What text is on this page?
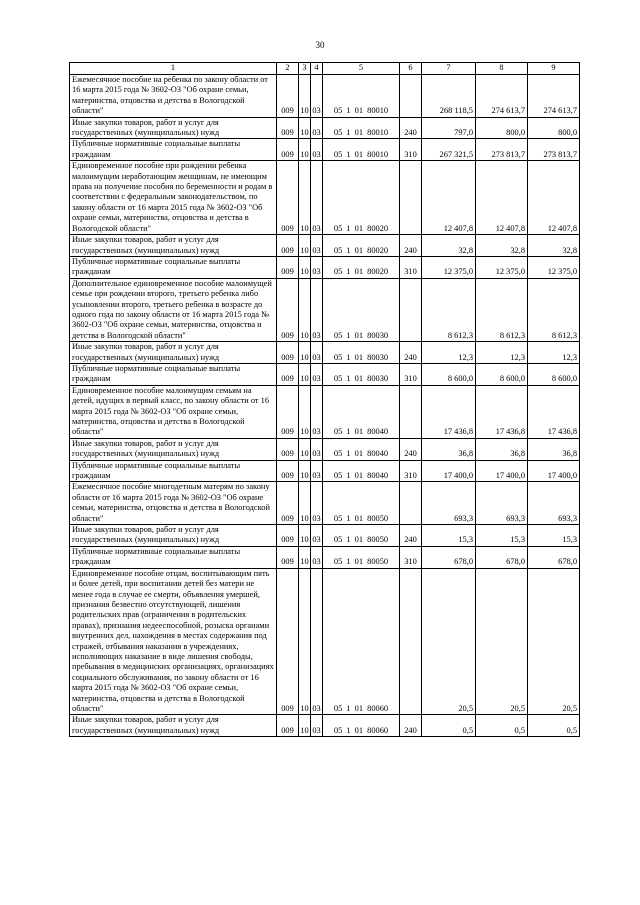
30
1	2	3	4	5	6	7	8	9
Ежемесячное пособие на ребенка по закону области от 16 марта 2015 года № 3602-ОЗ "Об охране семьи, материнства, отцовства и детства в Вологодской области"	009	10	03	05 1 01 80010		268 118,5	274 613,7	274 613,7
Иные закупки товаров, работ и услуг для государственных (муниципальных) нужд	009	10	03	05 1 01 80010	240	797,0	800,0	800,0
Публичные нормативные социальные выплаты гражданам	009	10	03	05 1 01 80010	310	267 321,5	273 813,7	273 813,7
Единовременное пособие при рождении ребенка малоимущим неработающим женщинам, не имеющим права на получение пособия по беременности и родам в соответствии с федеральным законодательством, по закону области от 16 марта 2015 года № 3602-ОЗ "Об охране семьи, материнства, отцовства и детства в Вологодской области"	009	10	03	05 1 01 80020		12 407,8	12 407,8	12 407,8
Иные закупки товаров, работ и услуг для государственных (муниципальных) нужд	009	10	03	05 1 01 80020	240	32,8	32,8	32,8
Публичные нормативные социальные выплаты гражданам	009	10	03	05 1 01 80020	310	12 375,0	12 375,0	12 375,0
Дополнительное единовременное пособие малоимущей семье при рождении второго, третьего ребенка либо усыновлении второго, третьего ребенка в возрасте до одного года по закону области от 16 марта 2015 года № 3602-ОЗ "Об охране семьи, материнства, отцовства и детства в Вологодской области"	009	10	03	05 1 01 80030		8 612,3	8 612,3	8 612,3
Иные закупки товаров, работ и услуг для государственных (муниципальных) нужд	009	10	03	05 1 01 80030	240	12,3	12,3	12,3
Публичные нормативные социальные выплаты гражданам	009	10	03	05 1 01 80030	310	8 600,0	8 600,0	8 600,0
Единовременное пособие малоимущим семьям на детей, идущих в первый класс, по закону области от 16 марта 2015 года № 3602-ОЗ "Об охране семьи, материнства, отцовства и детства в Вологодской области"	009	10	03	05 1 01 80040		17 436,8	17 436,8	17 436,8
Иные закупки товаров, работ и услуг для государственных (муниципальных) нужд	009	10	03	05 1 01 80040	240	36,8	36,8	36,8
Публичные нормативные социальные выплаты гражданам	009	10	03	05 1 01 80040	310	17 400,0	17 400,0	17 400,0
Ежемесячное пособие многодетным матерям по закону области от 16 марта 2015 года № 3602-ОЗ "Об охране семьи, материнства, отцовства и детства в Вологодской области"	009	10	03	05 1 01 80050		693,3	693,3	693,3
Иные закупки товаров, работ и услуг для государственных (муниципальных) нужд	009	10	03	05 1 01 80050	240	15,3	15,3	15,3
Публичные нормативные социальные выплаты гражданам	009	10	03	05 1 01 80050	310	678,0	678,0	678,0
Единовременное пособие отцам, воспитывающим пять и более детей, при воспитании детей без матери не менее года в случае ее смерти, объявления умершей, признания безвестно отсутствующей, лишения родительских прав (ограничения в родительских правах), признания недееспособной, розыска органами внутренних дел, нахождения в местах содержания под стражей, отбывания наказания в учреждениях, исполняющих наказание в виде лишения свободы, пребывания в медицинских организациях, организациях социального обслуживания, по закону области от 16 марта 2015 года № 3602-ОЗ "Об охране семьи, материнства, отцовства и детства в Вологодской области"	009	10	03	05 1 01 80060		20,5	20,5	20,5
Иные закупки товаров, работ и услуг для государственных (муниципальных) нужд	009	10	03	05 1 01 80060	240	0,5	0,5	0,5
